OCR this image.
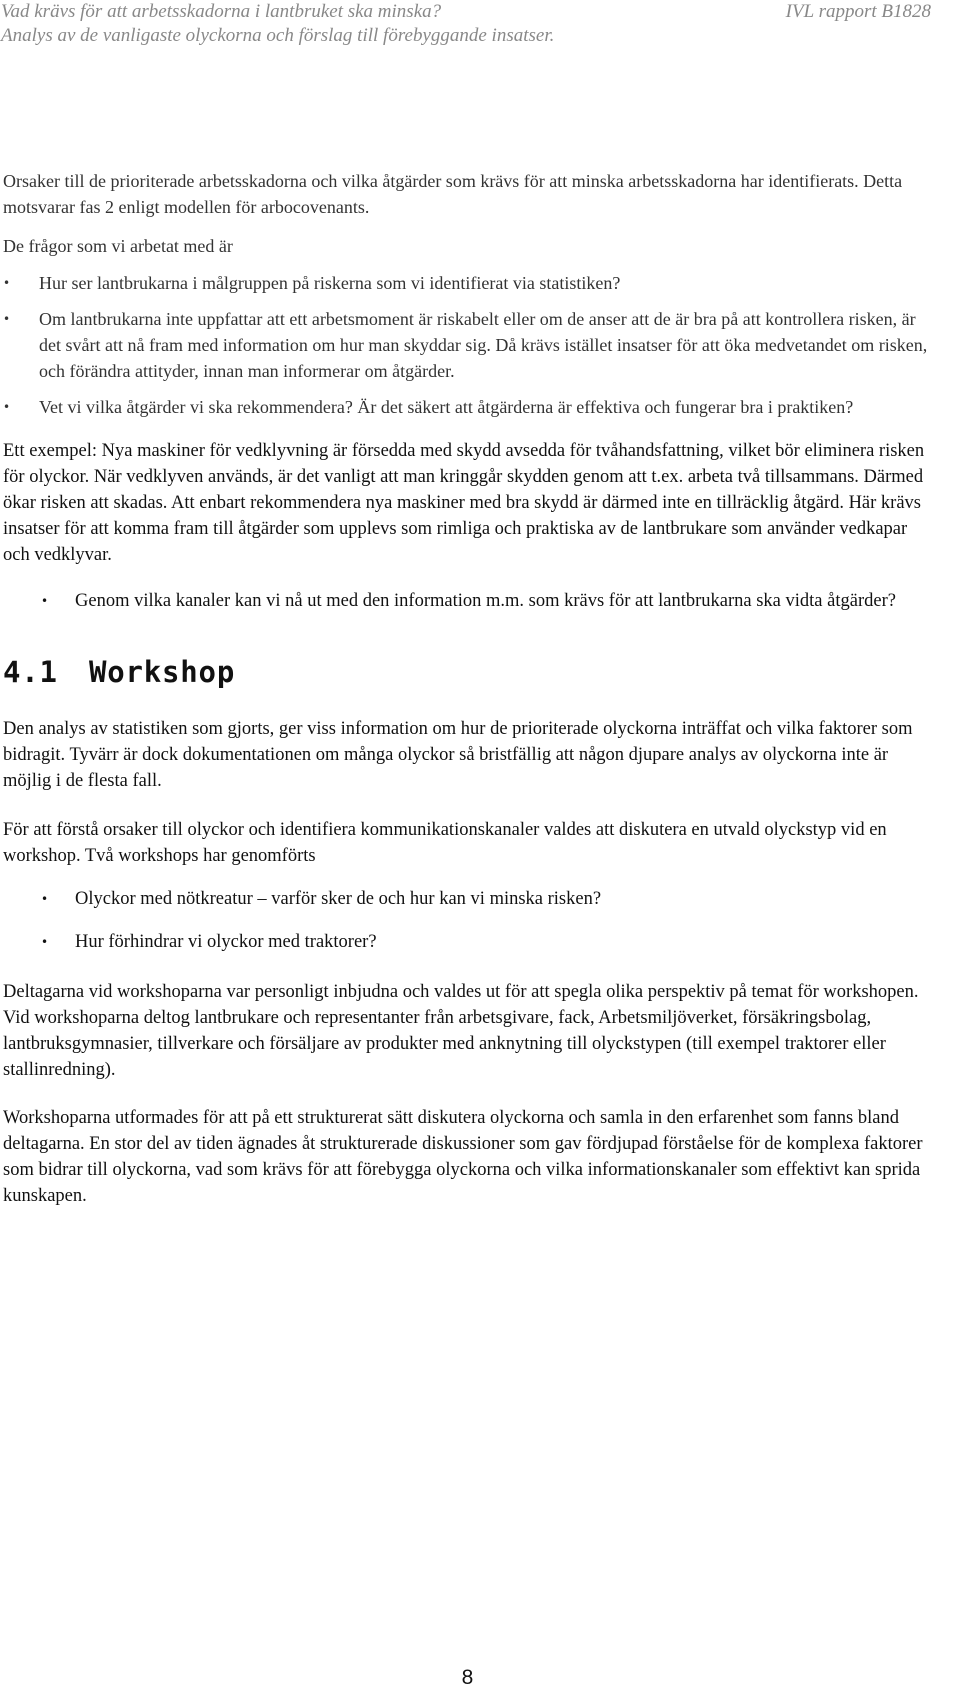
Vad krävs för att arbetsskadorna i lantbruket ska minska?
Analys av de vanligaste olyckorna och förslag till förebyggande insatser.
IVL rapport B1828

Orsaker till de prioriterade arbetsskadorna och vilka åtgärder som krävs för att minska arbetsskadorna har identifierats. Detta motsvarar fas 2 enligt modellen för arbocovenants.

De frågor som vi arbetat med är

•	Hur ser lantbrukarna i målgruppen på riskerna som vi identifierat via statistiken?
•	Om lantbrukarna inte uppfattar att ett arbetsmoment är riskabelt eller om de anser att de är bra på att kontrollera risken, är det svårt att nå fram med information om hur man skyddar sig. Då krävs istället insatser för att öka medvetandet om risken, och förändra attityder, innan man informerar om åtgärder.
•	Vet vi vilka åtgärder vi ska rekommendera? Är det säkert att åtgärderna är effektiva och fungerar bra i praktiken?

Ett exempel: Nya maskiner för vedklyvning är försedda med skydd avsedda för tvåhandsfattning, vilket bör eliminera risken för olyckor. När vedklyven används, är det vanligt att man kringgår skydden genom att t.ex. arbeta två tillsammans. Därmed ökar risken att skadas. Att enbart rekommendera nya maskiner med bra skydd är därmed inte en tillräcklig åtgärd. Här krävs insatser för att komma fram till åtgärder som upplevs som rimliga och praktiska av de lantbrukare som använder vedkapar och vedklyvar.

• Genom vilka kanaler kan vi nå ut med den information m.m. som krävs för att lantbrukarna ska vidta åtgärder?
4.1 Workshop

Den analys av statistiken som gjorts, ger viss information om hur de prioriterade olyckorna inträffat och vilka faktorer som bidragit. Tyvärr är dock dokumentationen om många olyckor så bristfällig att någon djupare analys av olyckorna inte är möjlig i de flesta fall.

För att förstå orsaker till olyckor och identifiera kommunikationskanaler valdes att diskutera en utvald olyckstyp vid en workshop. Två workshops har genomförts

• Olyckor med nötkreatur – varför sker de och hur kan vi minska risken?
• Hur förhindrar vi olyckor med traktorer?

Deltagarna vid workshoparna var personligt inbjudna och valdes ut för att spegla olika perspektiv på temat för workshopen. Vid workshoparna deltog lantbrukare och representanter från arbetsgivare, fack, Arbetsmiljöverket, försäkringsbolag, lantbruksgymnasier, tillverkare och försäljare av produkter med anknytning till olyckstypen (till exempel traktorer eller stallinredning).

Workshoparna utformades för att på ett strukturerat sätt diskutera olyckorna och samla in den erfarenhet som fanns bland deltagarna. En stor del av tiden ägnades åt strukturerade diskussioner som gav fördjupad förståelse för de komplexa faktorer som bidrar till olyckorna, vad som krävs för att förebygga olyckorna och vilka informationskanaler som effektivt kan sprida kunskapen.

8
